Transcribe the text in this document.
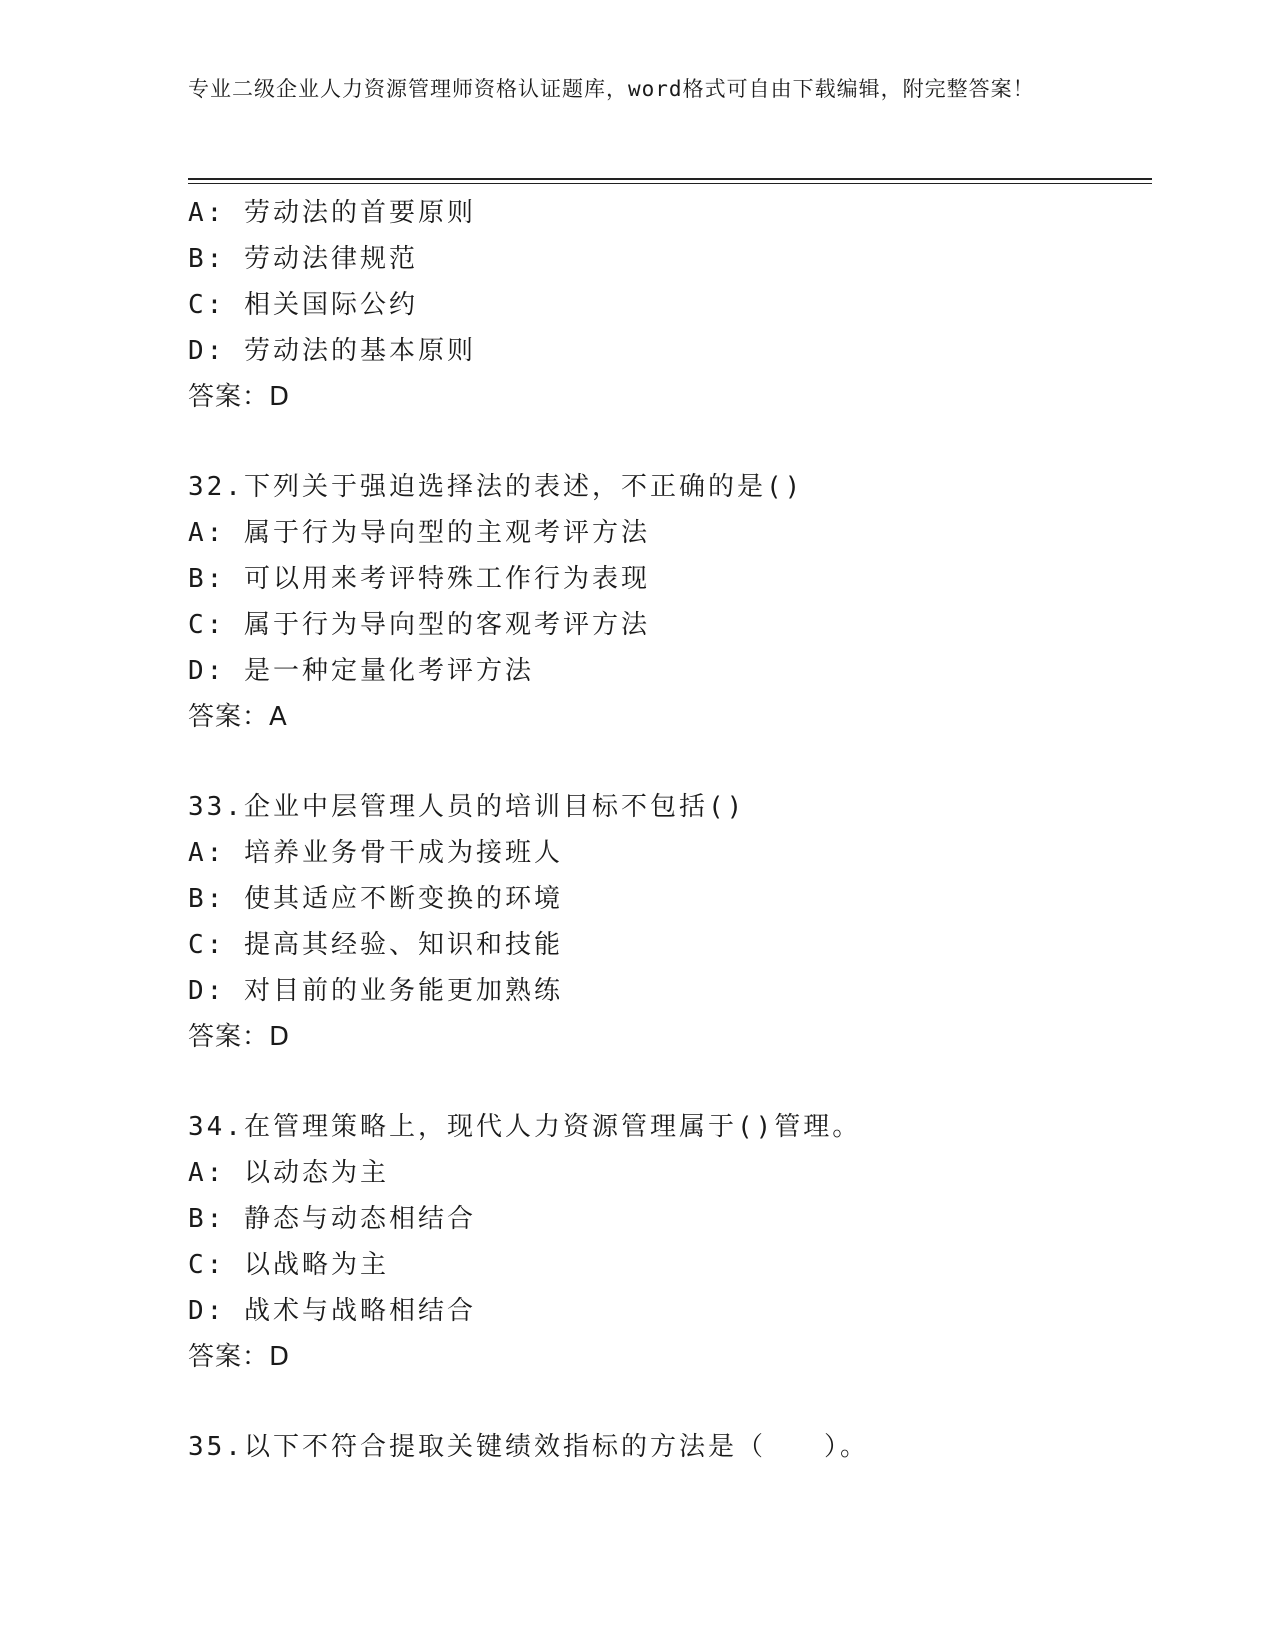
专业二级企业人力资源管理师资格认证题库，word格式可自由下载编辑，附完整答案！
A: 劳动法的首要原则
B: 劳动法律规范
C: 相关国际公约
D: 劳动法的基本原则
答案：D
32.下列关于强迫选择法的表述，不正确的是()
A: 属于行为导向型的主观考评方法
B: 可以用来考评特殊工作行为表现
C: 属于行为导向型的客观考评方法
D: 是一种定量化考评方法
答案：A
33.企业中层管理人员的培训目标不包括()
A: 培养业务骨干成为接班人
B: 使其适应不断变换的环境
C: 提高其经验、知识和技能
D: 对目前的业务能更加熟练
答案：D
34.在管理策略上，现代人力资源管理属于()管理。
A: 以动态为主
B: 静态与动态相结合
C: 以战略为主
D: 战术与战略相结合
答案：D
35.以下不符合提取关键绩效指标的方法是（　　）。
